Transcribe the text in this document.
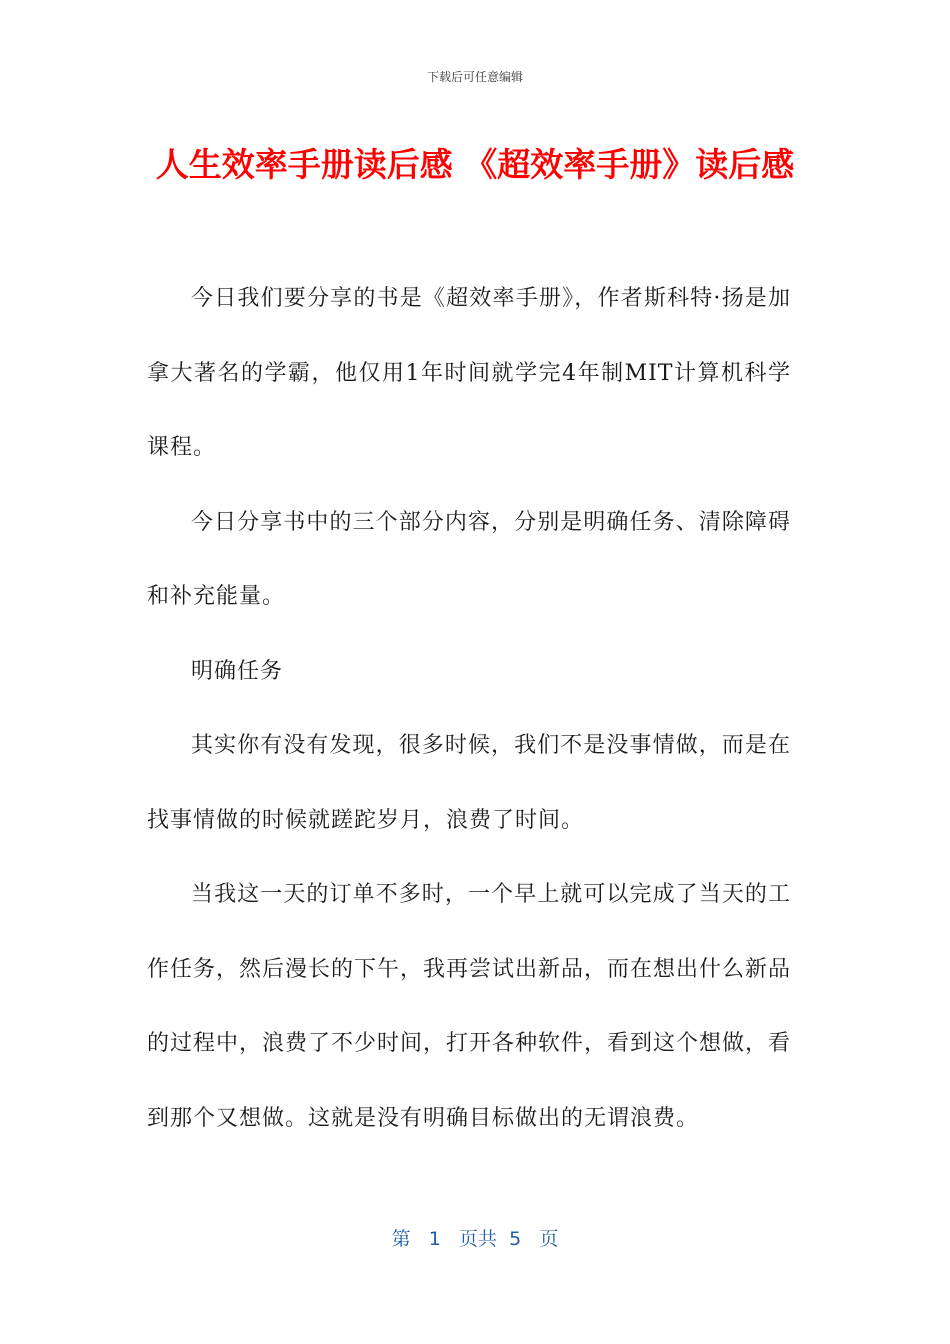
下载后可任意编辑
人生效率手册读后感 《超效率手册》读后感

今日我们要分享的书是《超效率手册》，作者斯科特·扬是加拿大著名的学霸，他仅用1年时间就学完4年制MIT计算机科学课程。

今日分享书中的三个部分内容，分别是明确任务、清除障碍和补充能量。

明确任务

其实你有没有发现，很多时候，我们不是没事情做，而是在找事情做的时候就蹉跎岁月，浪费了时间。

当我这一天的订单不多时，一个早上就可以完成了当天的工作任务，然后漫长的下午，我再尝试出新品，而在想出什么新品的过程中，浪费了不少时间，打开各种软件，看到这个想做，看到那个又想做。这就是没有明确目标做出的无谓浪费。

第 1 页共 5 页
